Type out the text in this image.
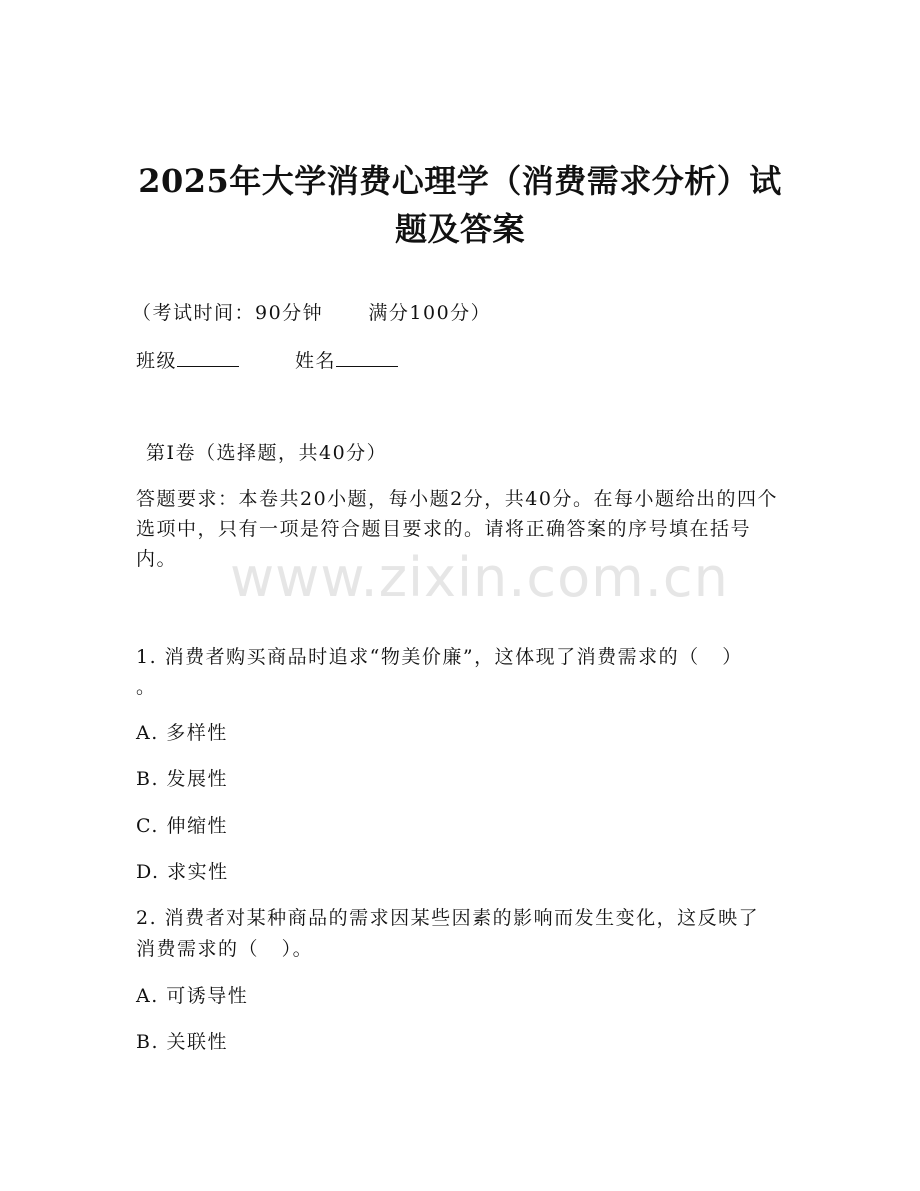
2025年大学消费心理学（消费需求分析）试
题及答案
（考试时间：90分钟      满分100分）
班级	姓名
第I卷（选择题，共40分）
答题要求：本卷共20小题，每小题2分，共40分。在每小题给出的四个选项中，只有一项是符合题目要求的。请将正确答案的序号填在括号内。 www.zixin.com.cn
1. 消费者购买商品时追求“物美价廉”，这体现了消费需求的（   ）
。
A. 多样性
B. 发展性
C. 伸缩性
D. 求实性
2. 消费者对某种商品的需求因某些因素的影响而发生变化，这反映了
消费需求的（   ）。
A. 可诱导性
B. 关联性
